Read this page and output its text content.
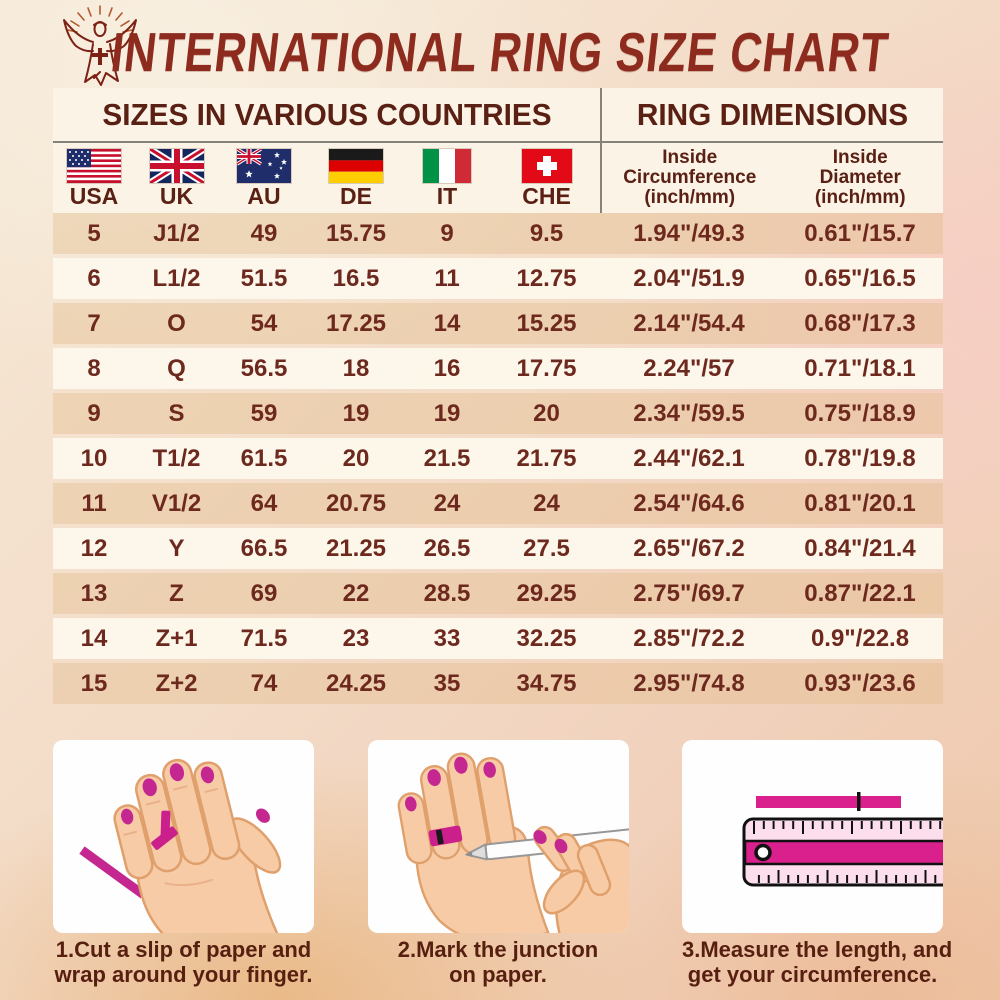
INTERNATIONAL RING SIZE CHART
SIZES IN VARIOUS COUNTRIES	RING DIMENSIONS
USA UK AU	DE	IT	CHE
Inside
Circumference
(inch/mm)
Inside
Diameter
(inch/mm)
5	J1/2	49	15.75	9	9.5	1.94"/49.3	0.61"/15.7
6	L1/2	51.5	16.5	11	12.75	2.04"/51.9	0.65"/16.5
7	O	54	17.25	14	15.25	2.14"/54.4	0.68"/17.3
8	Q	56.5	18	16	17.75	2.24"/57	0.71"/18.1
9	S	59	19	19	20	2.34"/59.5	0.75"/18.9
10	T1/2	61.5	20	21.5	21.75	2.44"/62.1	0.78"/19.8
11	V1/2	64	20.75	24	24	2.54"/64.6	0.81"/20.1
12	Y	66.5	21.25	26.5	27.5	2.65"/67.2	0.84"/21.4
13	Z	69	22	28.5	29.25	2.75"/69.7	0.87"/22.1
14	Z+1	71.5	23	33	32.25	2.85"/72.2	0.9"/22.8
15	Z+2	74	24.25	35	34.75	2.95"/74.8	0.93"/23.6
1.Cut a slip of paper and
wrap around your finger.
2.Mark the junction
on paper.
3.Measure the length, and
get your circumference.
